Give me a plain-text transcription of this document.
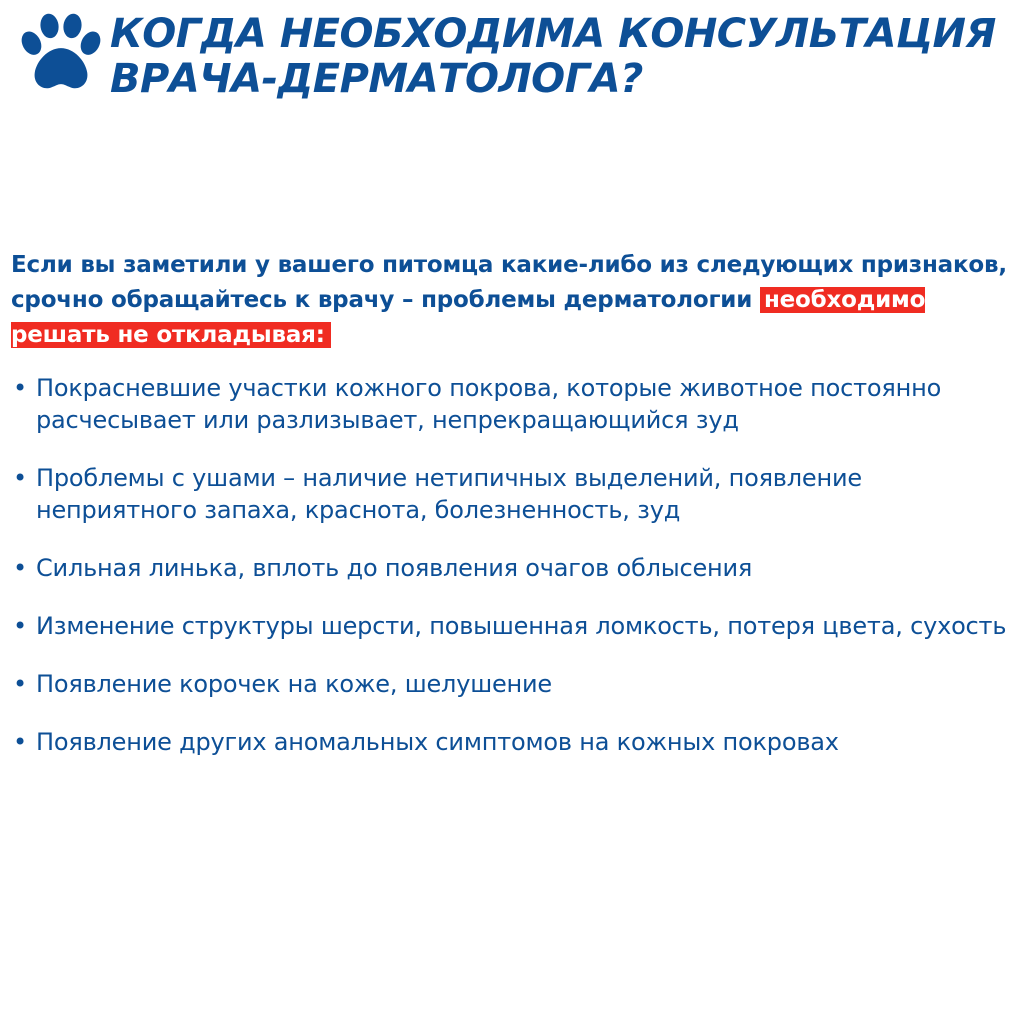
КОГДА НЕОБХОДИМА КОНСУЛЬТАЦИЯ
ВРАЧА-ДЕРМАТОЛОГА?

Если вы заметили у вашего питомца какие-либо из следующих признаков, срочно обращайтесь к врачу – проблемы дерматологии необходимо решать не откладывая:

• Покрасневшие участки кожного покрова, которые животное постоянно расчесывает или разлизывает, непрекращающийся зуд
• Проблемы с ушами – наличие нетипичных выделений, появление неприятного запаха, краснота, болезненность, зуд
• Сильная линька, вплоть до появления очагов облысения
• Изменение структуры шерсти, повышенная ломкость, потеря цвета, сухость
• Появление корочек на коже, шелушение
• Появление других аномальных симптомов на кожных покровах
